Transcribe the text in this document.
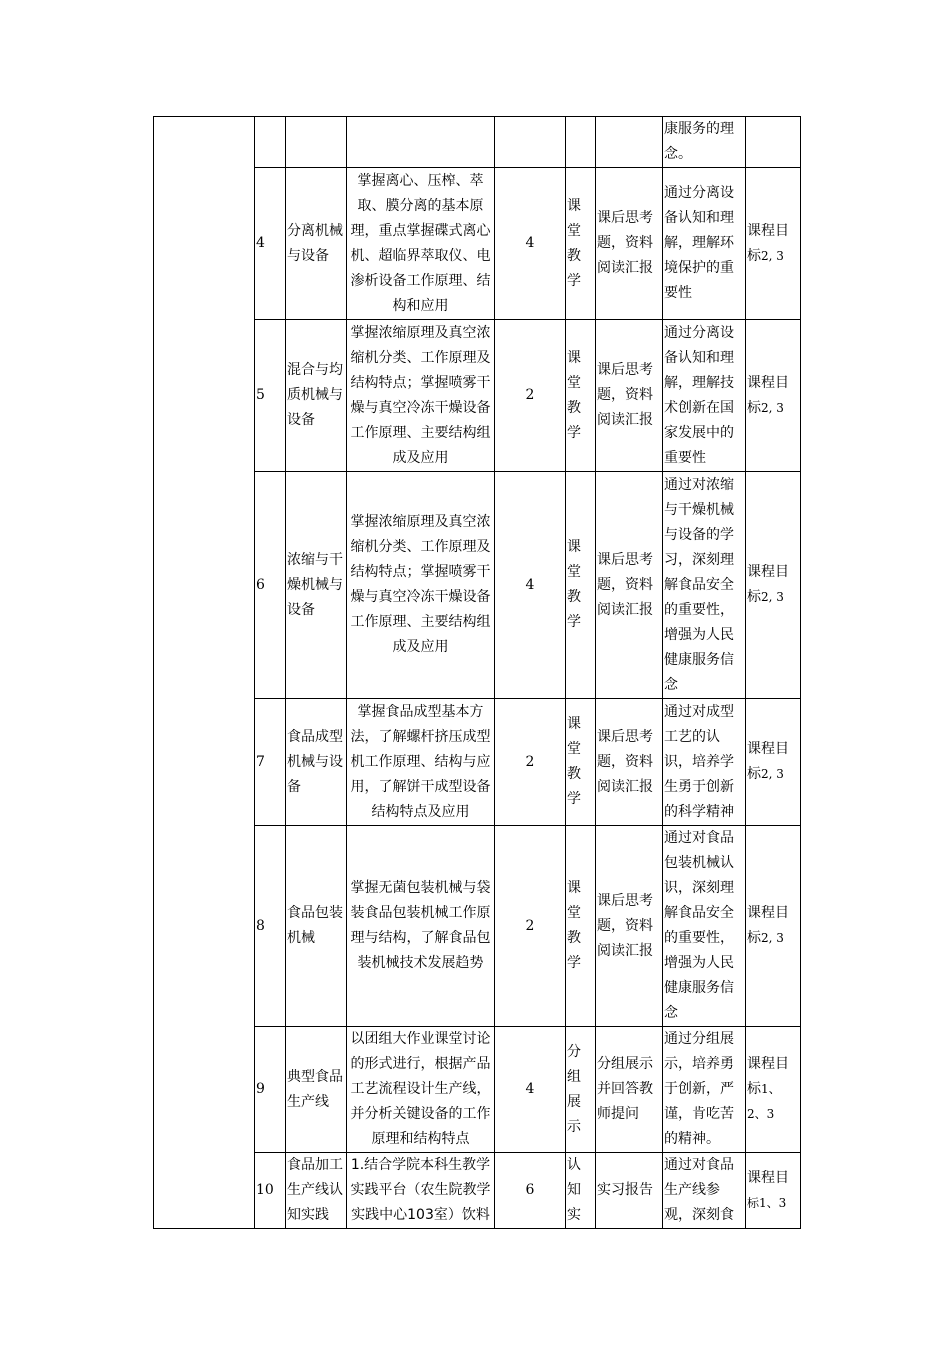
							康服务的理念。	
	4	分离机械与设备	掌握离心、压榨、萃取、膜分离的基本原理，重点掌握碟式离心机、超临界萃取仪、电渗析设备工作原理、结构和应用	4	课堂教学	课后思考题，资料阅读汇报	通过分离设备认知和理解，理解环境保护的重要性	课程目标2, 3
	5	混合与均质机械与设备	掌握浓缩原理及真空浓缩机分类、工作原理及结构特点；掌握喷雾干燥与真空冷冻干燥设备工作原理、主要结构组成及应用	2	课堂教学	课后思考题，资料阅读汇报	通过分离设备认知和理解，理解技术创新在国家发展中的重要性	课程目标2, 3
	6	浓缩与干燥机械与设备	掌握浓缩原理及真空浓缩机分类、工作原理及结构特点；掌握喷雾干燥与真空冷冻干燥设备工作原理、主要结构组成及应用	4	课堂教学	课后思考题，资料阅读汇报	通过对浓缩与干燥机械与设备的学习，深刻理解食品安全的重要性，增强为人民健康服务信念	课程目标2, 3
	7	食品成型机械与设备	掌握食品成型基本方法，了解螺杆挤压成型机工作原理、结构与应用，了解饼干成型设备结构特点及应用	2	课堂教学	课后思考题，资料阅读汇报	通过对成型工艺的认识，培养学生勇于创新的科学精神	课程目标2, 3
	8	食品包装机械	掌握无菌包装机械与袋装食品包装机械工作原理与结构，了解食品包装机械技术发展趋势	2	课堂教学	课后思考题，资料阅读汇报	通过对食品包装机械认识，深刻理解食品安全的重要性，增强为人民健康服务信念	课程目标2, 3
	9	典型食品生产线	以团组大作业课堂讨论的形式进行，根据产品工艺流程设计生产线，并分析关键设备的工作原理和结构特点	4	分组展示	分组展示并回答教师提问	通过分组展示，培养勇于创新，严谨，肯吃苦的精神。	课程目标1、2、3
	10	食品加工生产线认知实践	1.结合学院本科生教学实践平台（农生院教学实践中心103室）饮料	6	认知实	实习报告	通过对食品生产线参观，深刻食	课程目标1、3
